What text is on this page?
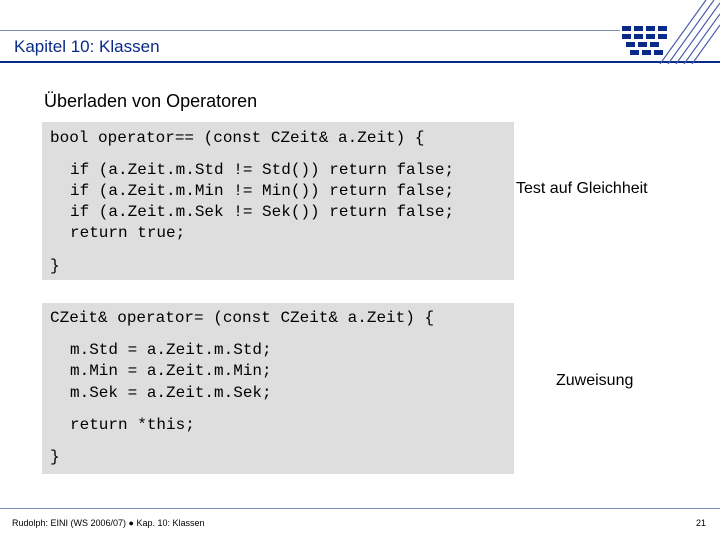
Kapitel 10: Klassen
Überladen von Operatoren

bool operator== (const CZeit& a.Zeit) {

if (a.Zeit.m.Std != Std()) return false;

if (a.Zeit.m.Min != Min()) return false;

if (a.Zeit.m.Sek != Sek()) return false;

return true;

}

Test auf Gleichheit

CZeit& operator= (const CZeit& a.Zeit) {

m.Std = a.Zeit.m.Std;

m.Min = a.Zeit.m.Min;

m.Sek = a.Zeit.m.Sek;

return *this;

}

Zuweisung
Rudolph: EINI (WS 2006/07) ● Kap. 10: Klassen	21
